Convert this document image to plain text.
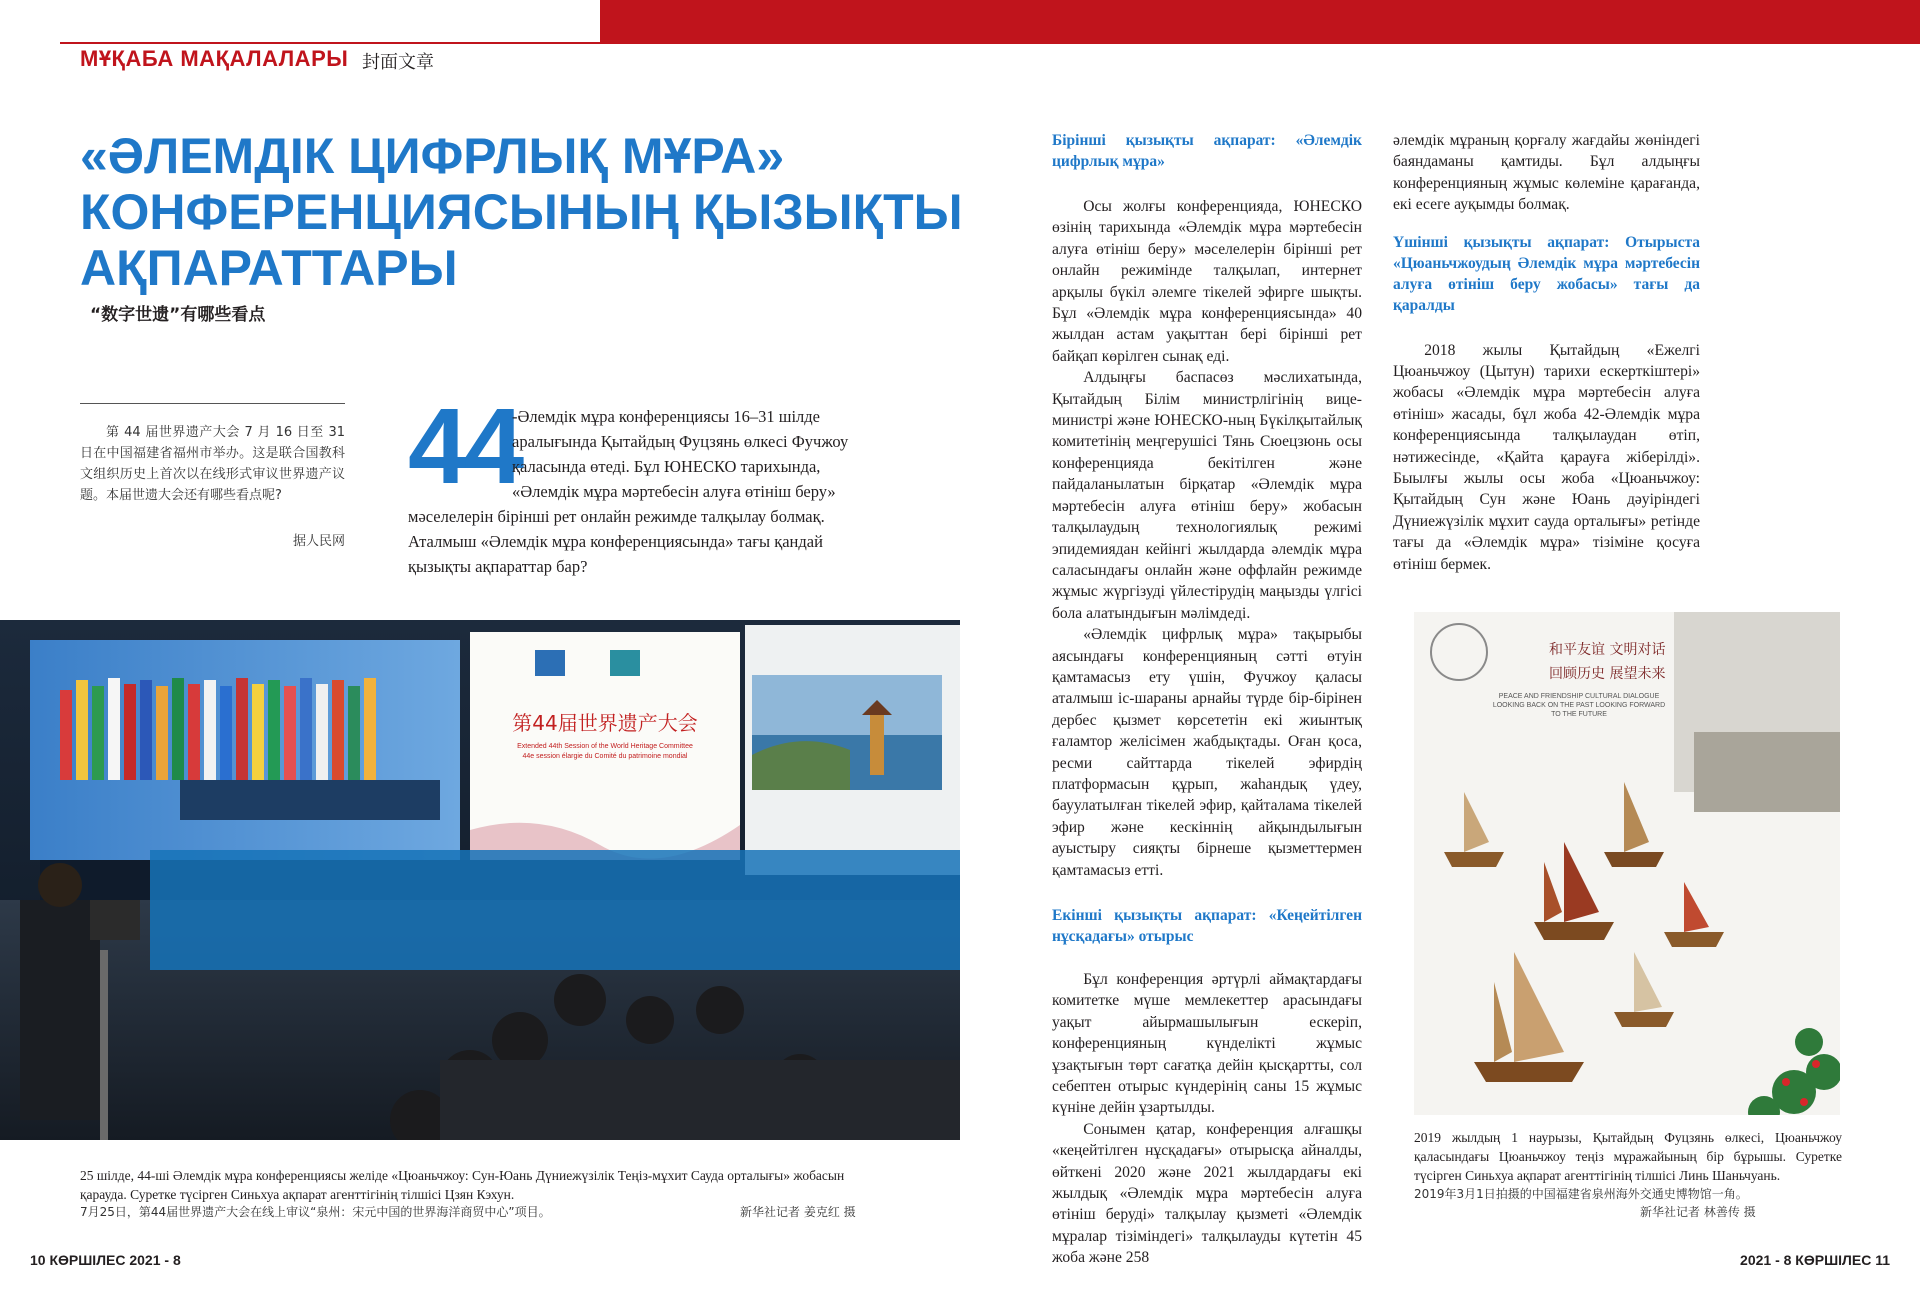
МҰҚАБА МАҚАЛАЛАРЫ 封面文章
«ӘЛЕМДІК ЦИФРЛЫҚ МҰРА»
КОНФЕРЕНЦИЯСЫНЫҢ ҚЫЗЫҚТЫ
АҚПАРАТТАРЫ
“数字世遗”有哪些看点
第 44 届世界遗产大会 7 月 16 日至 31 日在中国福建省福州市举办。这是联合国教科文组织历史上首次以在线形式审议世界遗产议题。本届世遗大会还有哪些看点呢?
据人民网
44
-Әлемдік мұра конференциясы 16–31 шілде
аралығында Қытайдың Фуцзянь өлкесі Фучжоу
қаласында өтеді. Бұл ЮНЕСКО тарихында,
«Әлемдік мұра мәртебесін алуға өтініш беру»
мәселелерін бірінші рет онлайн режимде талқылау болмақ.
Аталмыш «Әлемдік мұра конференциясында» тағы қандай
қызықты ақпараттар бар?
第44届世界遗产大会
Extended 44th Session of the World Heritage Committee
44e session élargie du Comité du patrimoine mondial
25 шілде, 44-ші Әлемдік мұра конференциясы желіде «Цюаньчжоу: Сун-Юань Дүниежүзілік Теңіз-мұхит Сауда орталығы» жобасын қарауда. Суретке түсірген Синьхуа ақпарат агенттігінің тілшісі Цзян Кэхун.
7月25日，第44届世界遗产大会在线上审议“泉州：宋元中国的世界海洋商贸中心”项目。	新华社记者 姜克红 摄
Бірінші қызықты ақпарат: «Әлемдік цифрлық мұра»

Осы жолғы конференцияда, ЮНЕСКО өзінің тарихында «Әлемдік мұра мәртебесін алуға өтініш беру» мәселелерін бірінші рет онлайн режимінде талқылап, интернет арқылы бүкіл әлемге тікелей эфирге шықты. Бұл «Әлемдік мұра конференциясында» 40 жылдан астам уақыттан бері бірінші рет байқап көрілген сынақ еді.

Алдыңғы баспасөз мәслихатында, Қытайдың Білім министрлігінің вице-министрі және ЮНЕСКО-ның Бүкілқытайлық комитетінің меңгерушісі Тянь Сюецзюнь осы конференцияда бекітілген және пайдаланылатын бірқатар «Әлемдік мұра мәртебесін алуға өтініш беру» жобасын талқылаудың технологиялық режимі эпидемиядан кейінгі жылдарда әлемдік мұра саласындағы онлайн және оффлайн режимде жұмыс жүргізуді үйлестірудің маңызды үлгісі бола алатындығын мәлімдеді.

«Әлемдік цифрлық мұра» тақырыбы аясындағы конференцияның сәтті өтуін қамтамасыз ету үшін, Фучжоу қаласы аталмыш іс-шараны арнайы түрде бір-бірінен дербес қызмет көрсететін екі жиынтық ғаламтор желісімен жабдықтады. Оған қоса, ресми сайттарда тікелей эфирдің платформасын құрып, жаһандық үдеу, бауулатылған тікелей эфир, қайталама тікелей эфир және кескіннің айқындылығын ауыстыру сияқты бірнеше қызметтермен қамтамасыз етті.

Екінші қызықты ақпарат: «Кеңейтілген нұсқадағы» отырыс

Бұл конференция әртүрлі аймақтардағы комитетке мүше мемлекеттер арасындағы уақыт айырмашылығын ескеріп, конференцияның күнделікті жұмыс ұзақтығын төрт сағатқа дейін қысқартты, сол себептен отырыс күндерінің саны 15 жұмыс күніне дейін ұзартылды.

Сонымен қатар, конференция алғашқы «кеңейтілген нұсқадағы» отырысқа айналды, өйткені 2020 және 2021 жылдардағы екі жылдық «Әлемдік мұра мәртебесін алуға өтініш беруді» талқылау қызметі «Әлемдік мұралар тізіміндегі» талқылауды күтетін 45 жоба және 258

әлемдік мұраның қорғалу жағдайы жөніндегі баяндаманы қамтиды. Бұл алдыңғы конференцияның жұмыс көлеміне қарағанда, екі есеге ауқымды болмақ.

Үшінші қызықты ақпарат: Отырыста «Цюаньчжоудың Әлемдік мұра мәртебесін алуға өтініш беру жобасы» тағы да қаралды

2018 жылы Қытайдың «Ежелгі Цюаньчжоу (Цытун) тарихи ескерткіштері» жобасы «Әлемдік мұра мәртебесін алуға өтініш» жасады, бұл жоба 42-Әлемдік мұра конференциясында талқылаудан өтіп, нәтижесінде, «Қайта қарауға жіберілді». Быылғы жылы осы жоба «Цюаньчжоу: Қытайдың Сун және Юань дәуіріндегі Дүниежүзілік мұхит сауда орталығы» ретінде тағы да «Әлемдік мұра» тізіміне қосуға өтініш бермек.

和平友谊 文明对话
回顾历史 展望未来
PEACE AND FRIENDSHIP CULTURAL DIALOGUE LOOKING BACK ON THE PAST LOOKING FORWARD TO THE FUTURE
2019 жылдың 1 наурызы, Қытайдың Фуцзянь өлкесі, Цюаньчжоу қаласындағы Цюаньчжоу теңіз мұражайының бір бұрышы. Суретке түсірген Синьхуа ақпарат агенттігінің тілшісі Линь Шаньчуань.
2019年3月1日拍摄的中国福建省泉州海外交通史博物馆一角。
新华社记者 林善传 摄
10 КӨРШІЛЕС 2021 - 8	2021 - 8 КӨРШІЛЕС 11
